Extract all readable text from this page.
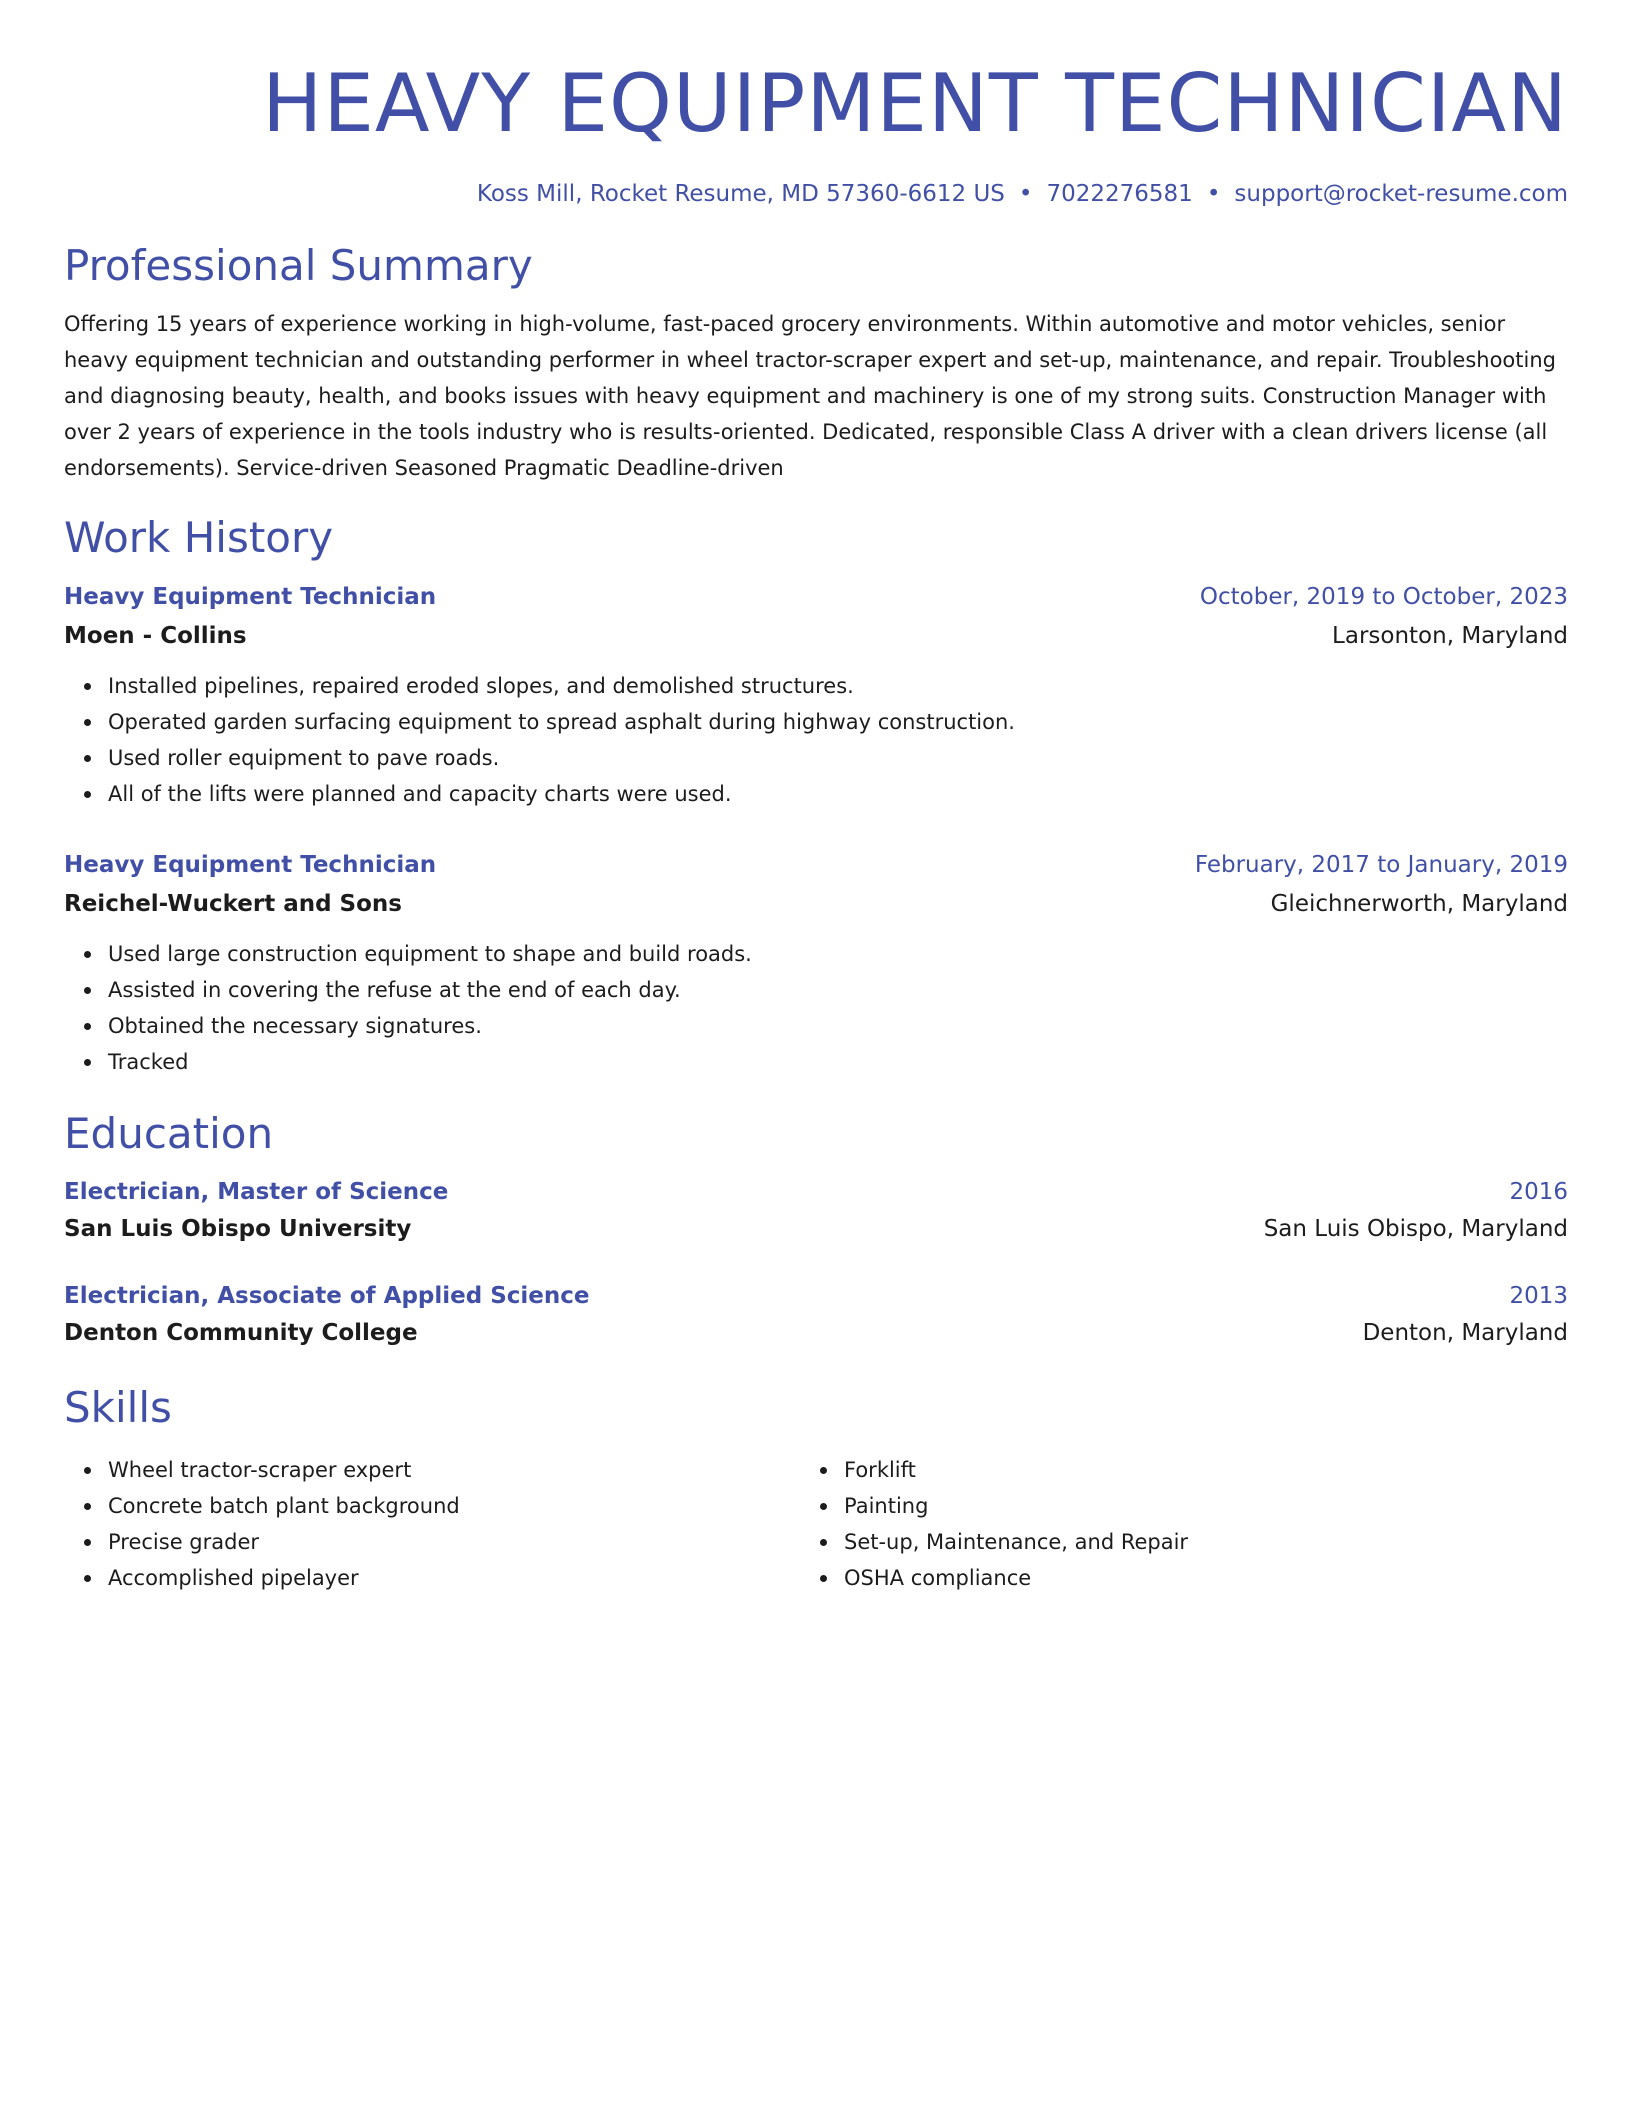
HEAVY EQUIPMENT TECHNICIAN
Koss Mill, Rocket Resume, MD 57360-6612 US • 7022276581 • support@rocket-resume.com
Professional Summary
Offering 15 years of experience working in high-volume, fast-paced grocery environments. Within automotive and motor vehicles, senior heavy equipment technician and outstanding performer in wheel tractor-scraper expert and set-up, maintenance, and repair. Troubleshooting and diagnosing beauty, health, and books issues with heavy equipment and machinery is one of my strong suits. Construction Manager with over 2 years of experience in the tools industry who is results-oriented. Dedicated, responsible Class A driver with a clean drivers license (all endorsements). Service-driven Seasoned Pragmatic Deadline-driven
Work History
Heavy Equipment Technician	October, 2019 to October, 2023
Moen - Collins	Larsonton, Maryland
Installed pipelines, repaired eroded slopes, and demolished structures.
Operated garden surfacing equipment to spread asphalt during highway construction.
Used roller equipment to pave roads.
All of the lifts were planned and capacity charts were used.
Heavy Equipment Technician	February, 2017 to January, 2019
Reichel-Wuckert and Sons	Gleichnerworth, Maryland
Used large construction equipment to shape and build roads.
Assisted in covering the refuse at the end of each day.
Obtained the necessary signatures.
Tracked
Education
Electrician, Master of Science	2016
San Luis Obispo University	San Luis Obispo, Maryland
Electrician, Associate of Applied Science	2013
Denton Community College	Denton, Maryland
Skills
Wheel tractor-scraper expert
Concrete batch plant background
Precise grader
Accomplished pipelayer
Forklift
Painting
Set-up, Maintenance, and Repair
OSHA compliance
